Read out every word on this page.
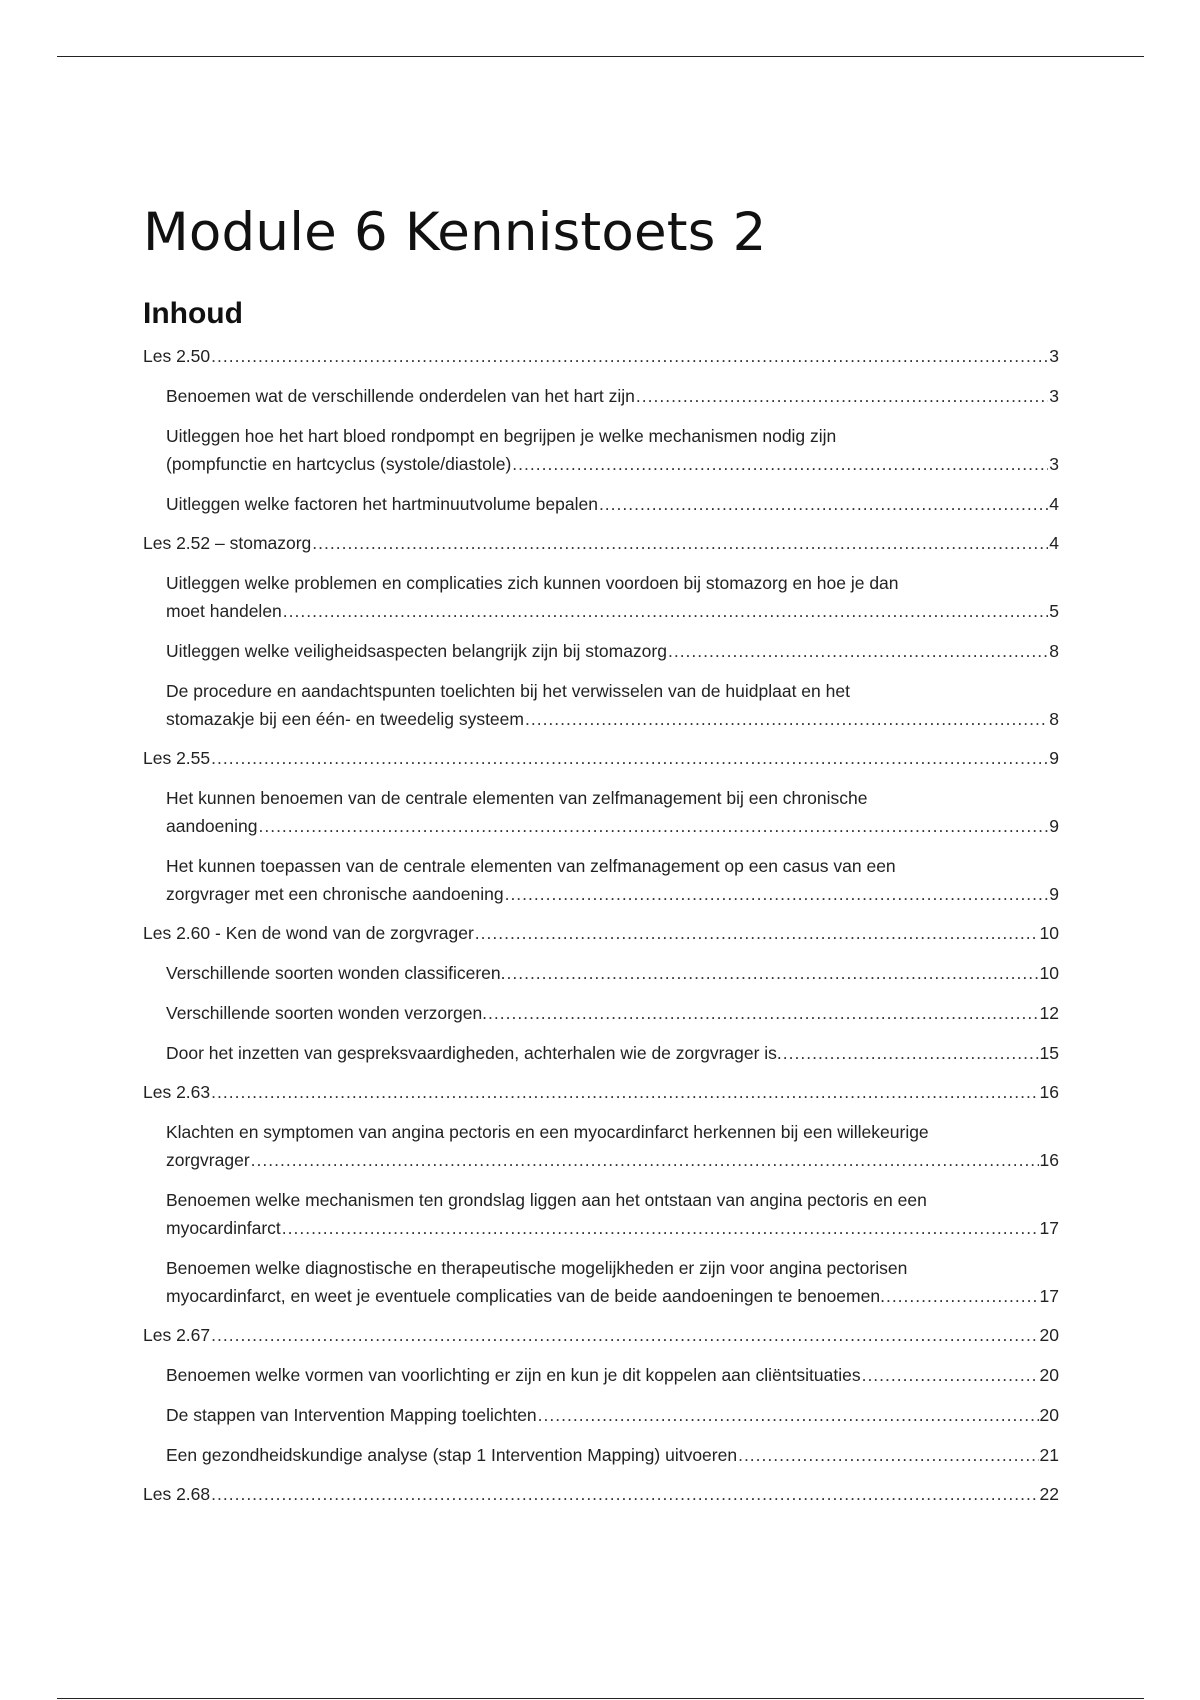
Module 6 Kennistoets 2
Inhoud
Les 2.50 .....	3
Benoemen wat de verschillende onderdelen van het hart zijn .....	3
Uitleggen hoe het hart bloed rondpompt en begrijpen je welke mechanismen nodig zijn
(pompfunctie en hartcyclus (systole/diastole) .....	3
Uitleggen welke factoren het hartminuutvolume bepalen .....	4
Les 2.52 – stomazorg .....	4
Uitleggen welke problemen en complicaties zich kunnen voordoen bij stomazorg en hoe je dan
moet handelen .....	5
Uitleggen welke veiligheidsaspecten belangrijk zijn bij stomazorg .....	8
De procedure en aandachtspunten toelichten bij het verwisselen van de huidplaat en het
stomazakje bij een één- en tweedelig systeem .....	8
Les 2.55 .....	9
Het kunnen benoemen van de centrale elementen van zelfmanagement bij een chronische
aandoening .....	9
Het kunnen toepassen van de centrale elementen van zelfmanagement op een casus van een
zorgvrager met een chronische aandoening .....	9
Les 2.60 - Ken de wond van de zorgvrager .....	10
Verschillende soorten wonden classificeren. .....	10
Verschillende soorten wonden verzorgen. .....	12
Door het inzetten van gespreksvaardigheden, achterhalen wie de zorgvrager is. .....	15
Les 2.63 .....	16
Klachten en symptomen van angina pectoris en een myocardinfarct herkennen bij een willekeurige
zorgvrager .....	16
Benoemen welke mechanismen ten grondslag liggen aan het ontstaan van angina pectoris en een
myocardinfarct .....	17
Benoemen welke diagnostische en therapeutische mogelijkheden er zijn voor angina pectorisen
myocardinfarct, en weet je eventuele complicaties van de beide aandoeningen te benoemen. .....	17
Les 2.67 .....	20
Benoemen welke vormen van voorlichting er zijn en kun je dit koppelen aan cliëntsituaties .....	20
De stappen van Intervention Mapping toelichten .....	20
Een gezondheidskundige analyse (stap 1 Intervention Mapping) uitvoeren .....	21
Les 2.68 .....	22
